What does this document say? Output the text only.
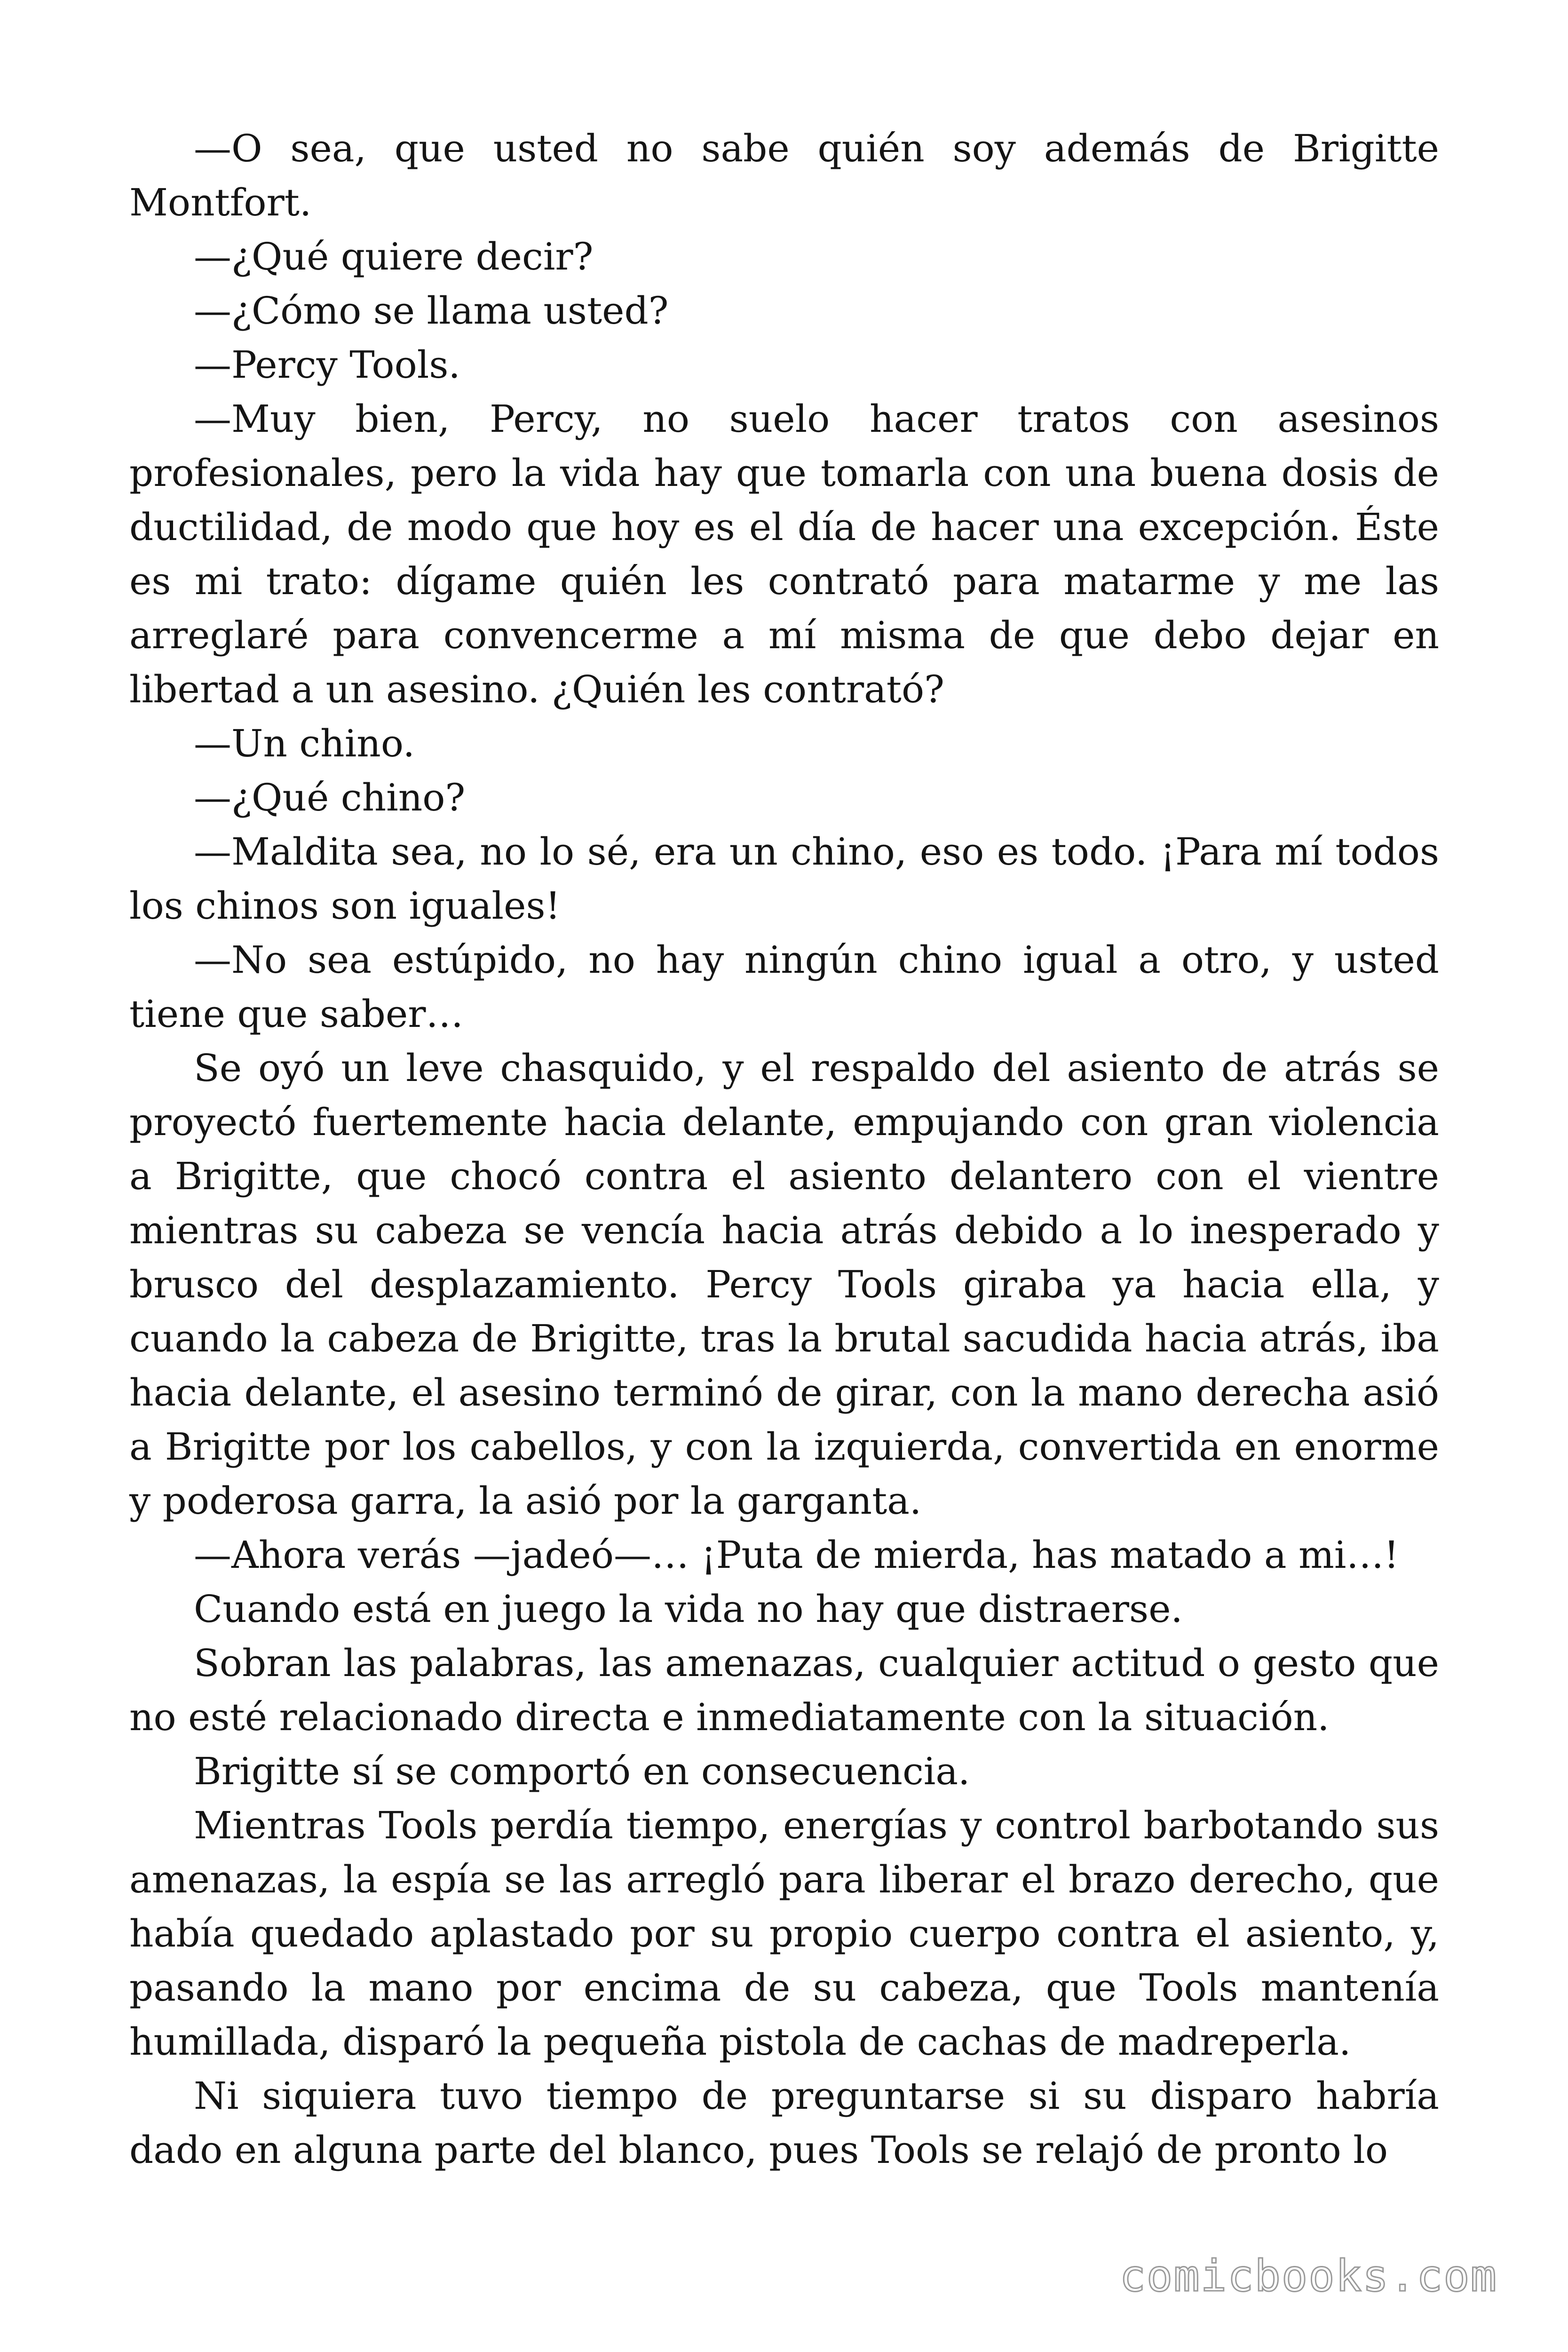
—O sea, que usted no sabe quién soy además de Brigitte Montfort.

—¿Qué quiere decir?

—¿Cómo se llama usted?

—Percy Tools.

—Muy bien, Percy, no suelo hacer tratos con asesinos profesionales, pero la vida hay que tomarla con una buena dosis de ductilidad, de modo que hoy es el día de hacer una excepción. Éste es mi trato: dígame quién les contrató para matarme y me las arreglaré para convencerme a mí misma de que debo dejar en libertad a un asesino. ¿Quién les contrató?

—Un chino.

—¿Qué chino?

—Maldita sea, no lo sé, era un chino, eso es todo. ¡Para mí todos los chinos son iguales!

—No sea estúpido, no hay ningún chino igual a otro, y usted tiene que saber…

Se oyó un leve chasquido, y el respaldo del asiento de atrás se proyectó fuertemente hacia delante, empujando con gran violencia a Brigitte, que chocó contra el asiento delantero con el vientre mientras su cabeza se vencía hacia atrás debido a lo inesperado y brusco del desplazamiento. Percy Tools giraba ya hacia ella, y cuando la cabeza de Brigitte, tras la brutal sacudida hacia atrás, iba hacia delante, el asesino terminó de girar, con la mano derecha asió a Brigitte por los cabellos, y con la izquierda, convertida en enorme y poderosa garra, la asió por la garganta.

—Ahora verás —jadeó—… ¡Puta de mierda, has matado a mi…!

Cuando está en juego la vida no hay que distraerse.

Sobran las palabras, las amenazas, cualquier actitud o gesto que no esté relacionado directa e inmediatamente con la situación.

Brigitte sí se comportó en consecuencia.

Mientras Tools perdía tiempo, energías y control barbotando sus amenazas, la espía se las arregló para liberar el brazo derecho, que había quedado aplastado por su propio cuerpo contra el asiento, y, pasando la mano por encima de su cabeza, que Tools mantenía humillada, disparó la pequeña pistola de cachas de madreperla.

Ni siquiera tuvo tiempo de preguntarse si su disparo habría dado en alguna parte del blanco, pues Tools se relajó de pronto lo

comicbooks.com
